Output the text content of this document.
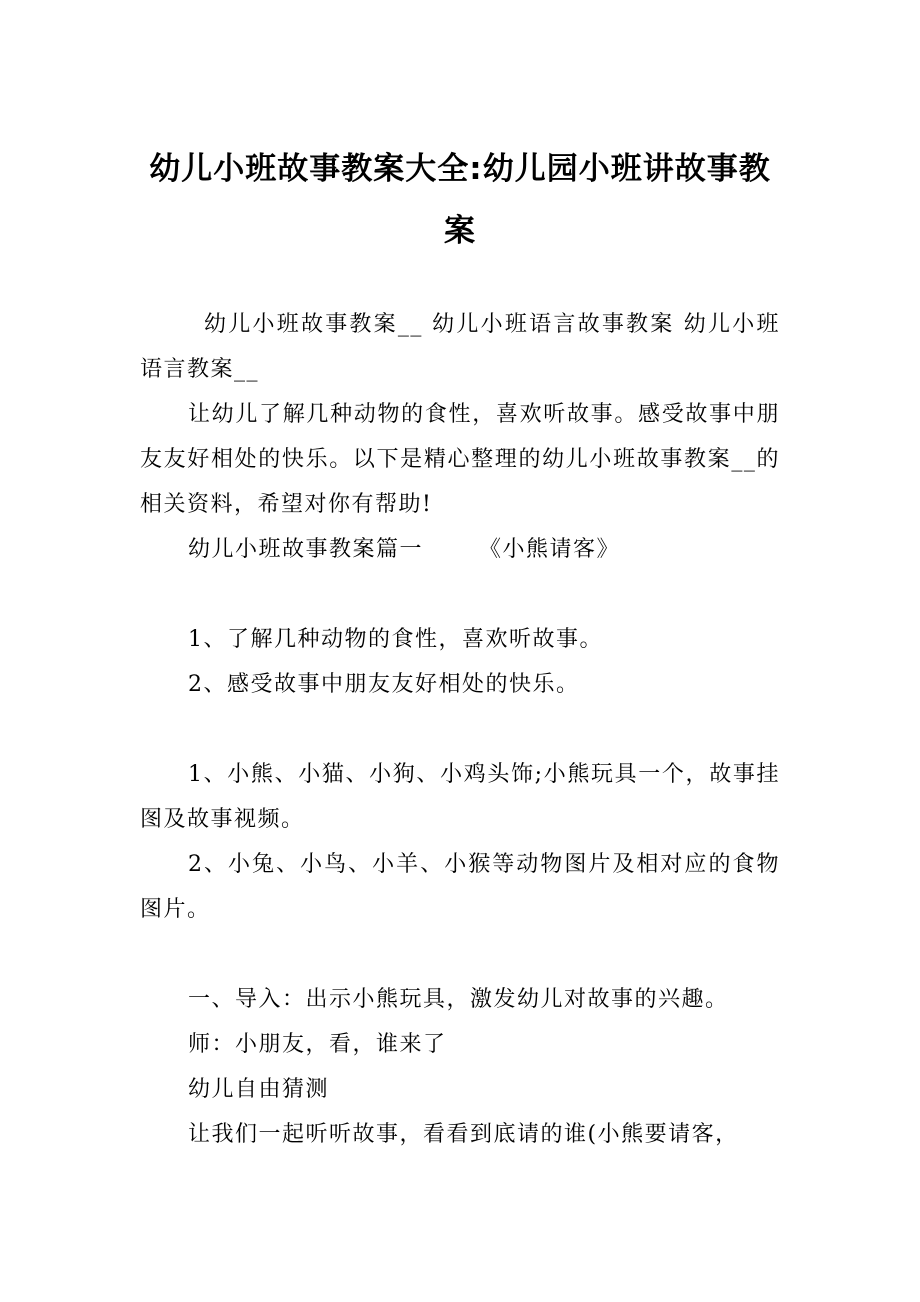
幼儿小班故事教案大全:幼儿园小班讲故事教案

幼儿小班故事教案__ 幼儿小班语言故事教案 幼儿小班语言教案__

让幼儿了解几种动物的食性，喜欢听故事。感受故事中朋友友好相处的快乐。以下是精心整理的幼儿小班故事教案__的相关资料，希望对你有帮助!

幼儿小班故事教案篇一	《小熊请客》

1、了解几种动物的食性，喜欢听故事。

2、感受故事中朋友友好相处的快乐。

1、小熊、小猫、小狗、小鸡头饰;小熊玩具一个，故事挂图及故事视频。

2、小兔、小鸟、小羊、小猴等动物图片及相对应的食物图片。

一、导入：出示小熊玩具，激发幼儿对故事的兴趣。

师：小朋友，看，谁来了

幼儿自由猜测

让我们一起听听故事，看看到底请的谁(小熊要请客，
